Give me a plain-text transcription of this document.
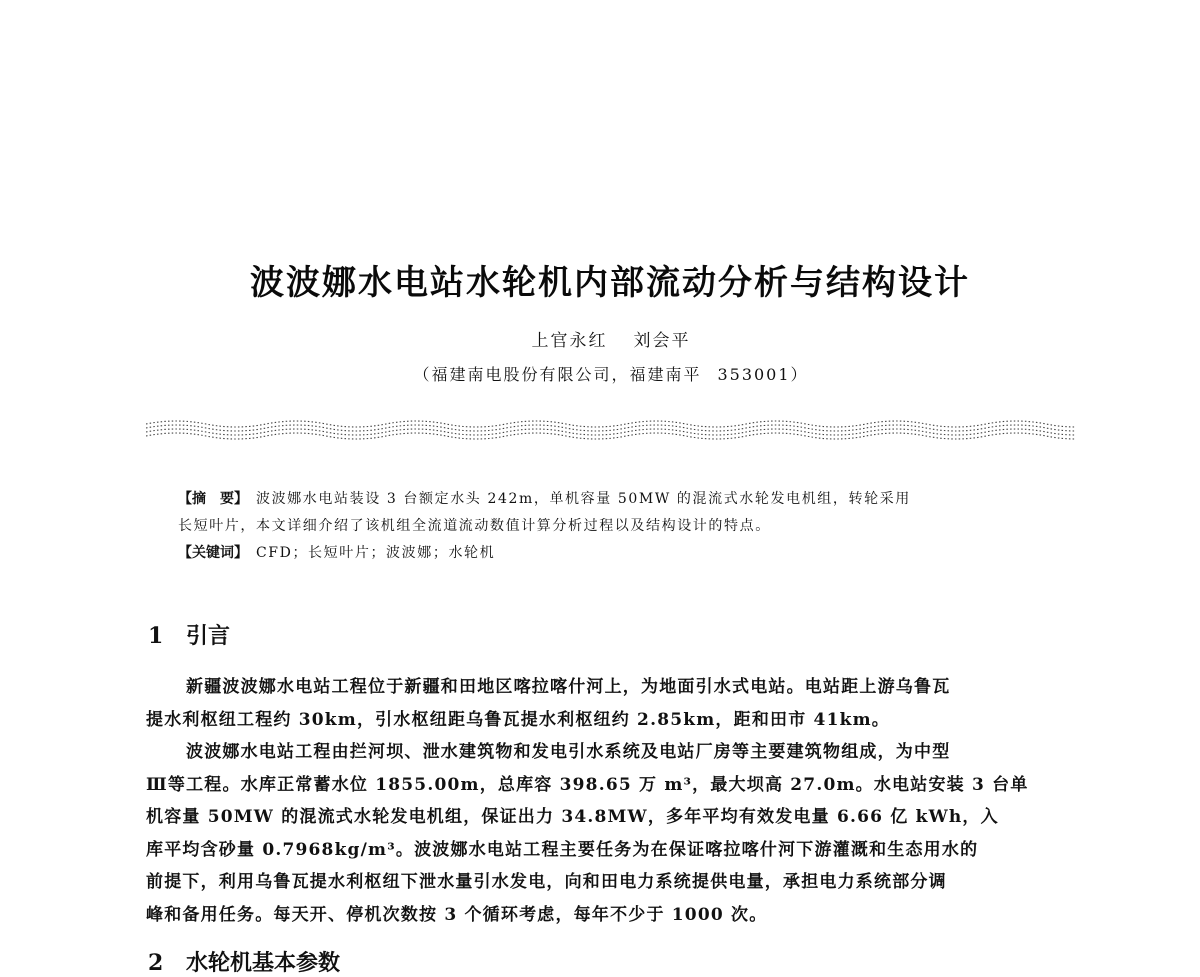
波波娜水电站水轮机内部流动分析与结构设计
上官永红 刘会平
（福建南电股份有限公司，福建南平 353001）
【摘　要】 波波娜水电站装设 3 台额定水头 242m，单机容量 50MW 的混流式水轮发电机组，转轮采用
长短叶片，本文详细介绍了该机组全流道流动数值计算分析过程以及结构设计的特点。
【关键词】 CFD；长短叶片；波波娜；水轮机
1 引言
新疆波波娜水电站工程位于新疆和田地区喀拉喀什河上，为地面引水式电站。电站距上游乌鲁瓦
提水利枢纽工程约 30km，引水枢纽距乌鲁瓦提水利枢纽约 2.85km，距和田市 41km。
波波娜水电站工程由拦河坝、泄水建筑物和发电引水系统及电站厂房等主要建筑物组成，为中型
Ⅲ等工程。水库正常蓄水位 1855.00m，总库容 398.65 万 m³，最大坝高 27.0m。水电站安装 3 台单
机容量 50MW 的混流式水轮发电机组，保证出力 34.8MW，多年平均有效发电量 6.66 亿 kWh，入
库平均含砂量 0.7968kg/m³。波波娜水电站工程主要任务为在保证喀拉喀什河下游灌溉和生态用水的
前提下，利用乌鲁瓦提水利枢纽下泄水量引水发电，向和田电力系统提供电量，承担电力系统部分调
峰和备用任务。每天开、停机次数按 3 个循环考虑，每年不少于 1000 次。
2 水轮机基本参数
